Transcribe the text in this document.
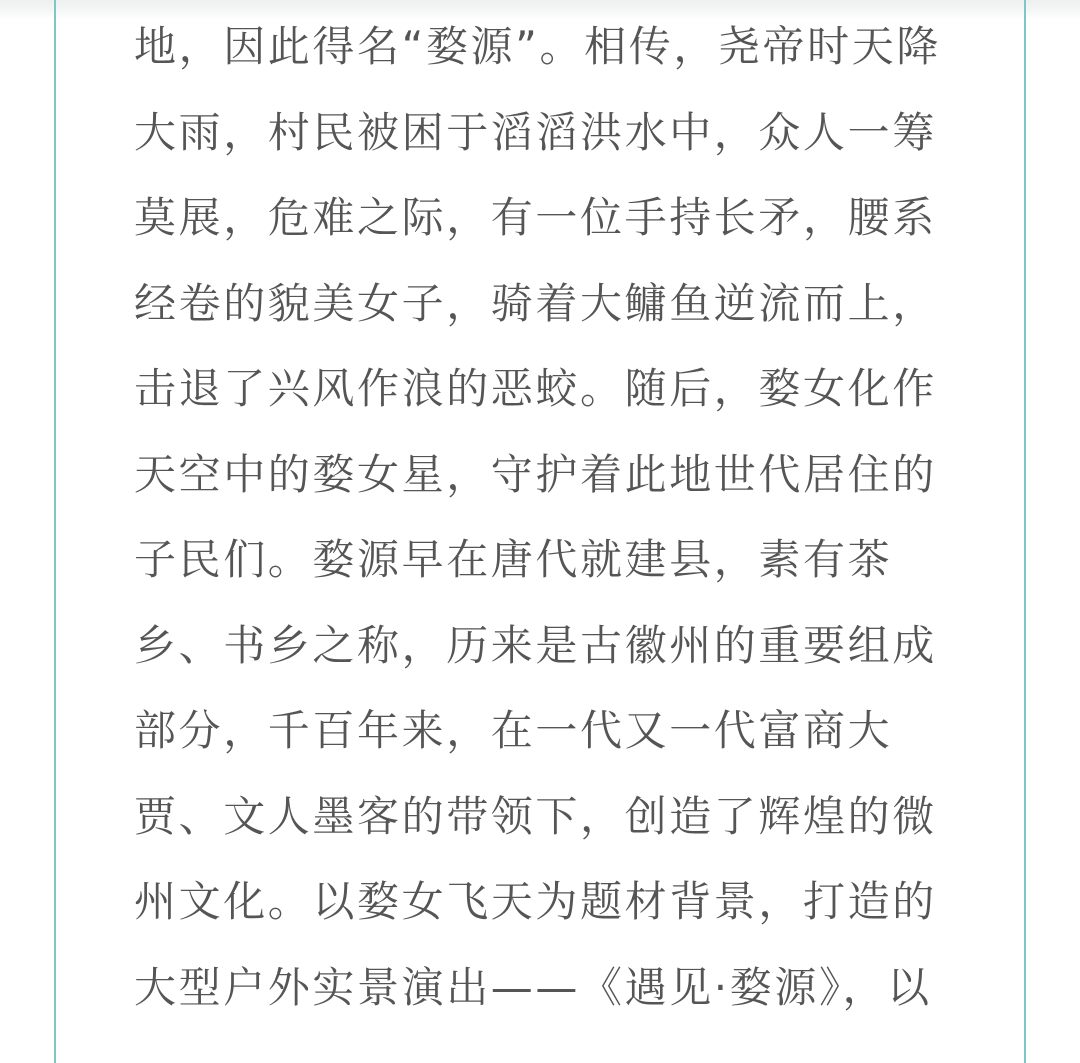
地，因此得名“婺源”。相传，尧帝时天降
大雨，村民被困于滔滔洪水中，众人一筹
莫展，危难之际，有一位手持长矛，腰系
经卷的貌美女子，骑着大鳙鱼逆流而上，
击退了兴风作浪的恶蛟。随后，婺女化作
天空中的婺女星，守护着此地世代居住的
子民们。婺源早在唐代就建县，素有茶
乡、书乡之称，历来是古徽州的重要组成
部分，千百年来，在一代又一代富商大
贾、文人墨客的带领下，创造了辉煌的微
州文化。以婺女飞天为题材背景，打造的
大型户外实景演出——《遇见·婺源》，以
